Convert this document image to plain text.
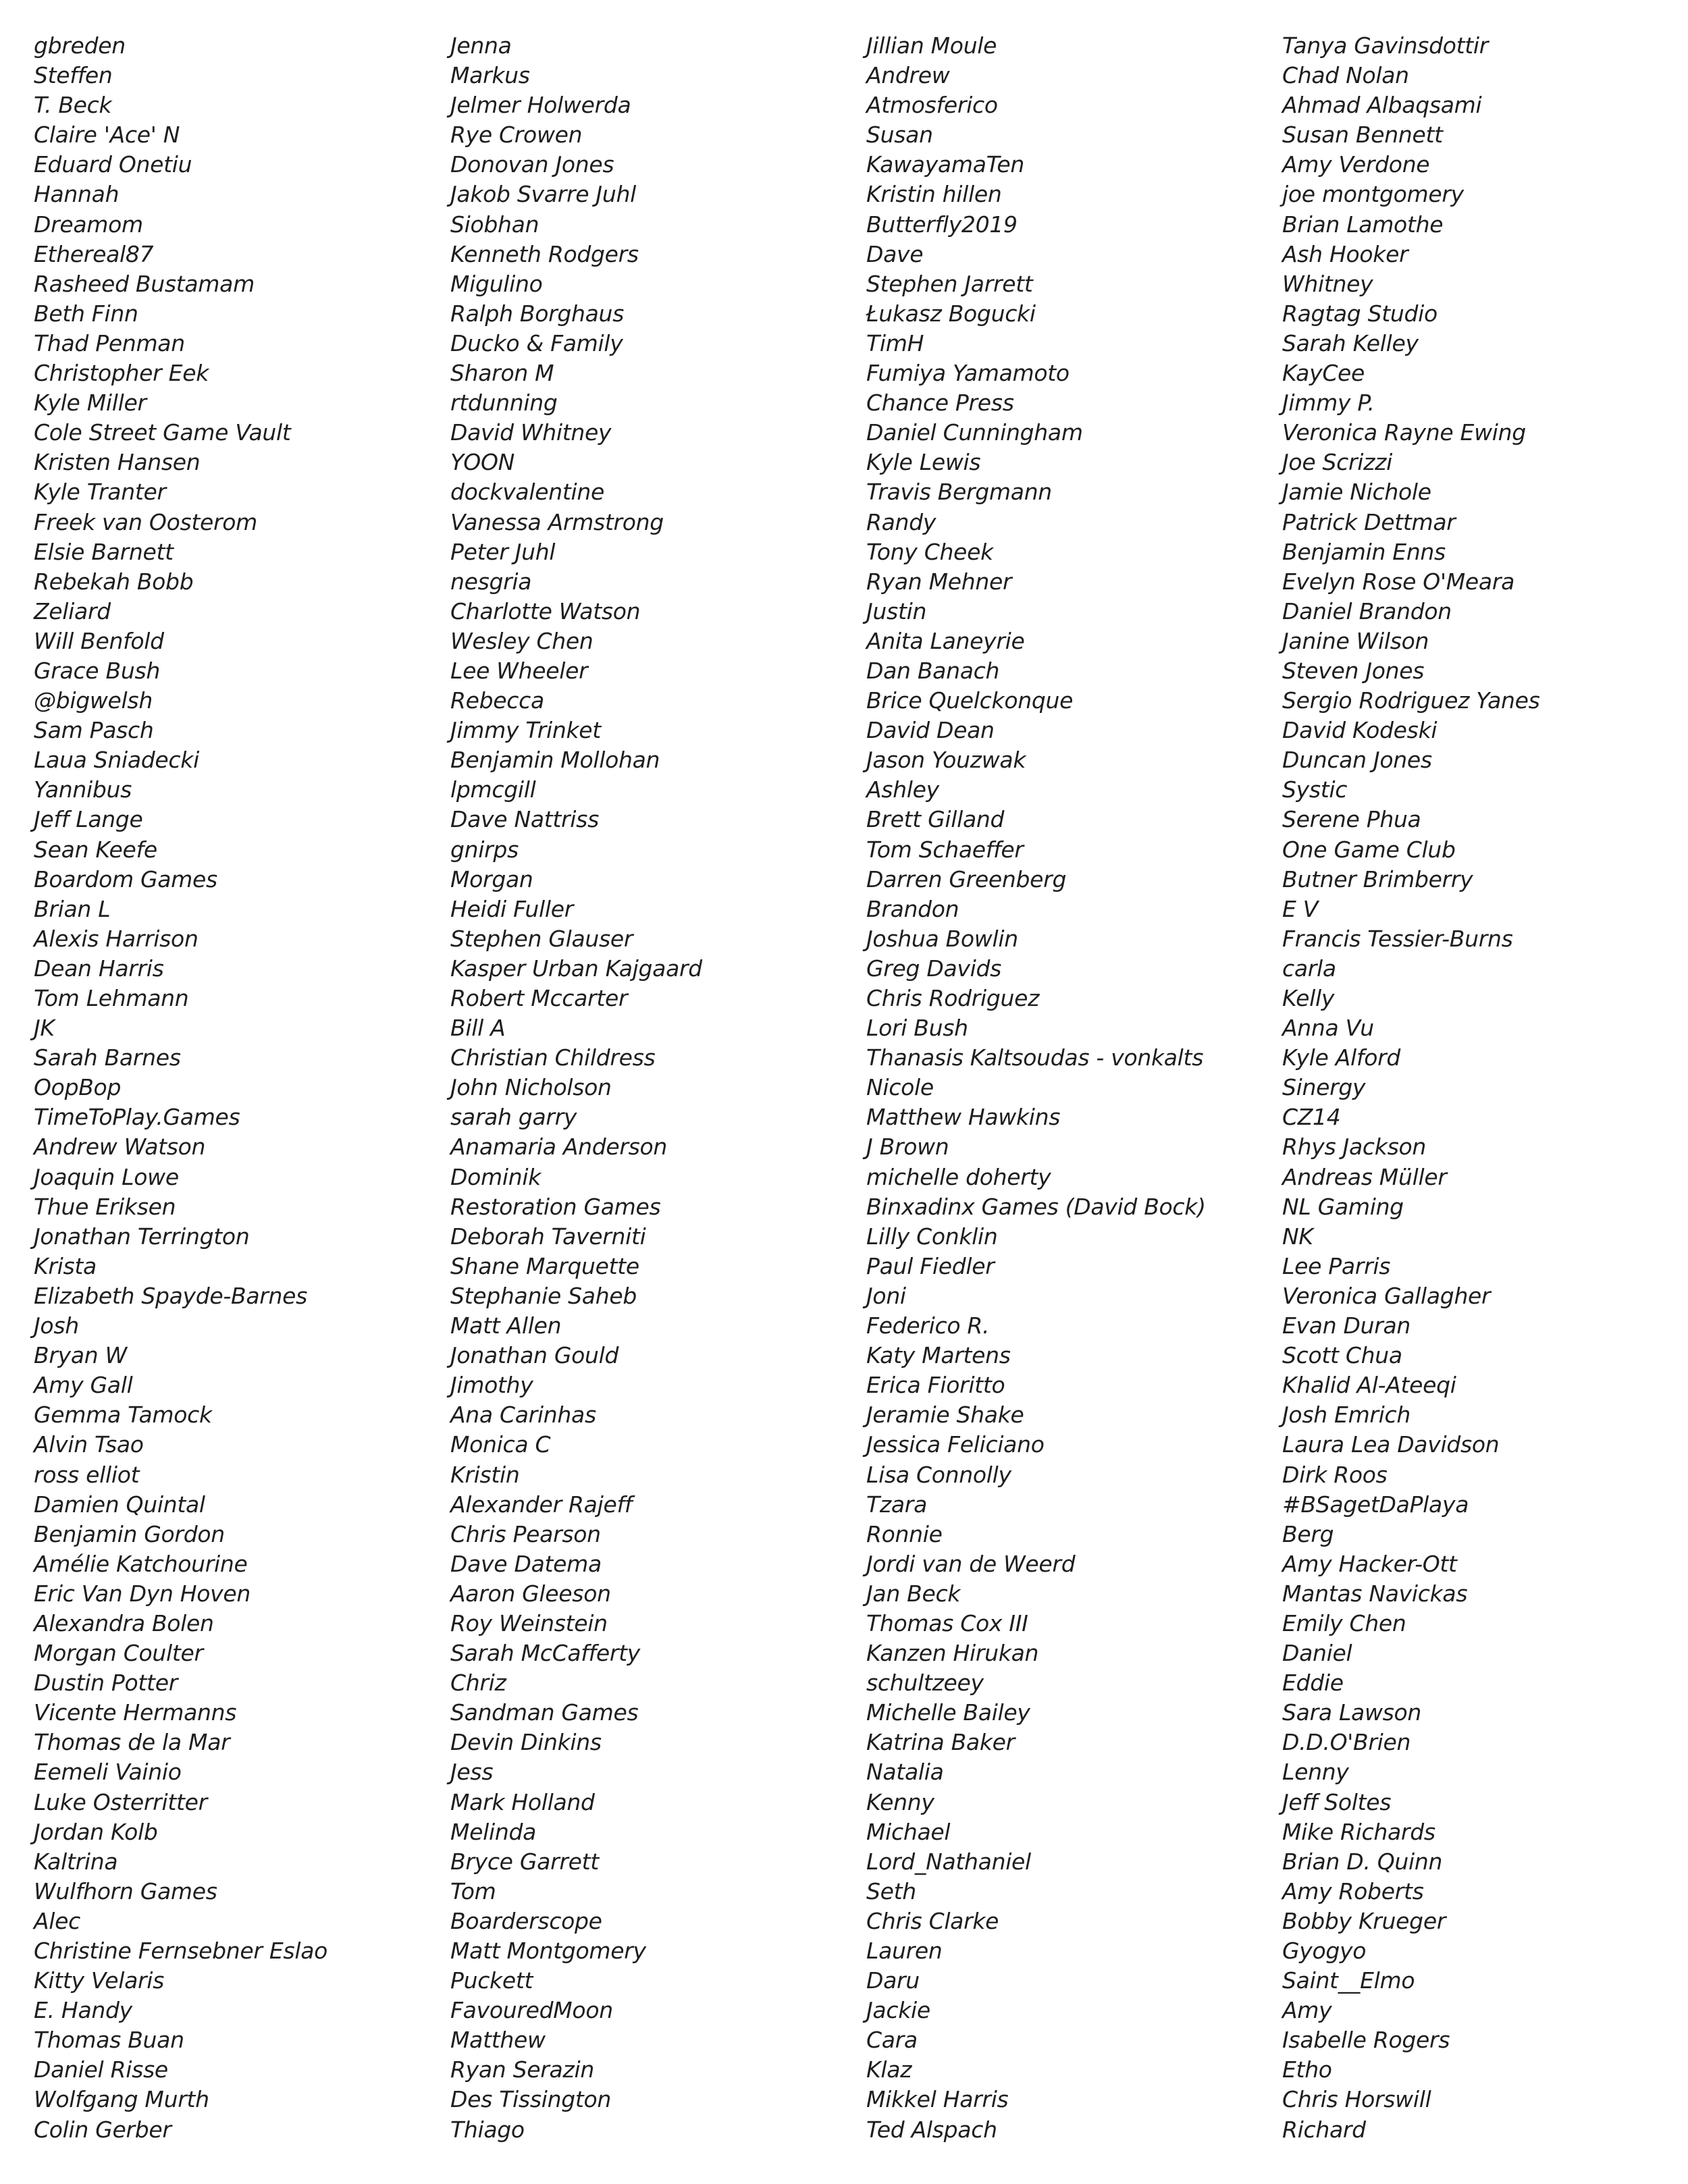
gbreden
Steffen
T. Beck
Claire 'Ace' N
Eduard Onetiu
Hannah
Dreamom
Ethereal87
Rasheed Bustamam
Beth Finn
Thad Penman
Christopher Eek
Kyle Miller
Cole Street Game Vault
Kristen Hansen
Kyle Tranter
Freek van Oosterom
Elsie Barnett
Rebekah Bobb
Zeliard
Will Benfold
Grace Bush
@bigwelsh
Sam Pasch
Laua Sniadecki
Yannibus
Jeff Lange
Sean Keefe
Boardom Games
Brian L
Alexis Harrison
Dean Harris
Tom Lehmann
JK
Sarah Barnes
OopBop
TimeToPlay.Games
Andrew Watson
Joaquin Lowe
Thue Eriksen
Jonathan Terrington
Krista
Elizabeth Spayde-Barnes
Josh
Bryan W
Amy Gall
Gemma Tamock
Alvin Tsao
ross elliot
Damien Quintal
Benjamin Gordon
Amélie Katchourine
Eric Van Dyn Hoven
Alexandra Bolen
Morgan Coulter
Dustin Potter
Vicente Hermanns
Thomas de la Mar
Eemeli Vainio
Luke Osterritter
Jordan Kolb
Kaltrina
Wulfhorn Games
Alec
Christine Fernsebner Eslao
Kitty Velaris
E. Handy
Thomas Buan
Daniel Risse
Wolfgang Murth
Colin Gerber
Jenna
Markus
Jelmer Holwerda
Rye Crowen
Donovan Jones
Jakob Svarre Juhl
Siobhan
Kenneth Rodgers
Migulino
Ralph Borghaus
Ducko & Family
Sharon M
rtdunning
David Whitney
YOON
dockvalentine
Vanessa Armstrong
Peter Juhl
nesgria
Charlotte Watson
Wesley Chen
Lee Wheeler
Rebecca
Jimmy Trinket
Benjamin Mollohan
lpmcgill
Dave Nattriss
gnirps
Morgan
Heidi Fuller
Stephen Glauser
Kasper Urban Kajgaard
Robert Mccarter
Bill A
Christian Childress
John Nicholson
sarah garry
Anamaria Anderson
Dominik
Restoration Games
Deborah Taverniti
Shane Marquette
Stephanie Saheb
Matt Allen
Jonathan Gould
Jimothy
Ana Carinhas
Monica C
Kristin
Alexander Rajeff
Chris Pearson
Dave Datema
Aaron Gleeson
Roy Weinstein
Sarah McCafferty
Chriz
Sandman Games
Devin Dinkins
Jess
Mark Holland
Melinda
Bryce Garrett
Tom
Boarderscope
Matt Montgomery
Puckett
FavouredMoon
Matthew
Ryan Serazin
Des Tissington
Thiago
Jillian Moule
Andrew
Atmosferico
Susan
KawayamaTen
Kristin hillen
Butterfly2019
Dave
Stephen Jarrett
Łukasz Bogucki
TimH
Fumiya Yamamoto
Chance Press
Daniel Cunningham
Kyle Lewis
Travis Bergmann
Randy
Tony Cheek
Ryan Mehner
Justin
Anita Laneyrie
Dan Banach
Brice Quelckonque
David Dean
Jason Youzwak
Ashley
Brett Gilland
Tom Schaeffer
Darren Greenberg
Brandon
Joshua Bowlin
Greg Davids
Chris Rodriguez
Lori Bush
Thanasis Kaltsoudas - vonkalts
Nicole
Matthew Hawkins
J Brown
michelle doherty
Binxadinx Games (David Bock)
Lilly Conklin
Paul Fiedler
Joni
Federico R.
Katy Martens
Erica Fioritto
Jeramie Shake
Jessica Feliciano
Lisa Connolly
Tzara
Ronnie
Jordi van de Weerd
Jan Beck
Thomas Cox III
Kanzen Hirukan
schultzeey
Michelle Bailey
Katrina Baker
Natalia
Kenny
Michael
Lord_Nathaniel
Seth
Chris Clarke
Lauren
Daru
Jackie
Cara
Klaz
Mikkel Harris
Ted Alspach
Tanya Gavinsdottir
Chad Nolan
Ahmad Albaqsami
Susan Bennett
Amy Verdone
joe montgomery
Brian Lamothe
Ash Hooker
Whitney
Ragtag Studio
Sarah Kelley
KayCee
Jimmy P.
Veronica Rayne Ewing
Joe Scrizzi
Jamie Nichole
Patrick Dettmar
Benjamin Enns
Evelyn Rose O'Meara
Daniel Brandon
Janine Wilson
Steven Jones
Sergio Rodriguez Yanes
David Kodeski
Duncan Jones
Systic
Serene Phua
One Game Club
Butner Brimberry
E V
Francis Tessier-Burns
carla
Kelly
Anna Vu
Kyle Alford
Sinergy
CZ14
Rhys Jackson
Andreas Müller
NL Gaming
NK
Lee Parris
Veronica Gallagher
Evan Duran
Scott Chua
Khalid Al-Ateeqi
Josh Emrich
Laura Lea Davidson
Dirk Roos
#BSagetDaPlaya
Berg
Amy Hacker-Ott
Mantas Navickas
Emily Chen
Daniel
Eddie
Sara Lawson
D.D.O'Brien
Lenny
Jeff Soltes
Mike Richards
Brian D. Quinn
Amy Roberts
Bobby Krueger
Gyogyo
Saint__Elmo
Amy
Isabelle Rogers
Etho
Chris Horswill
Richard
